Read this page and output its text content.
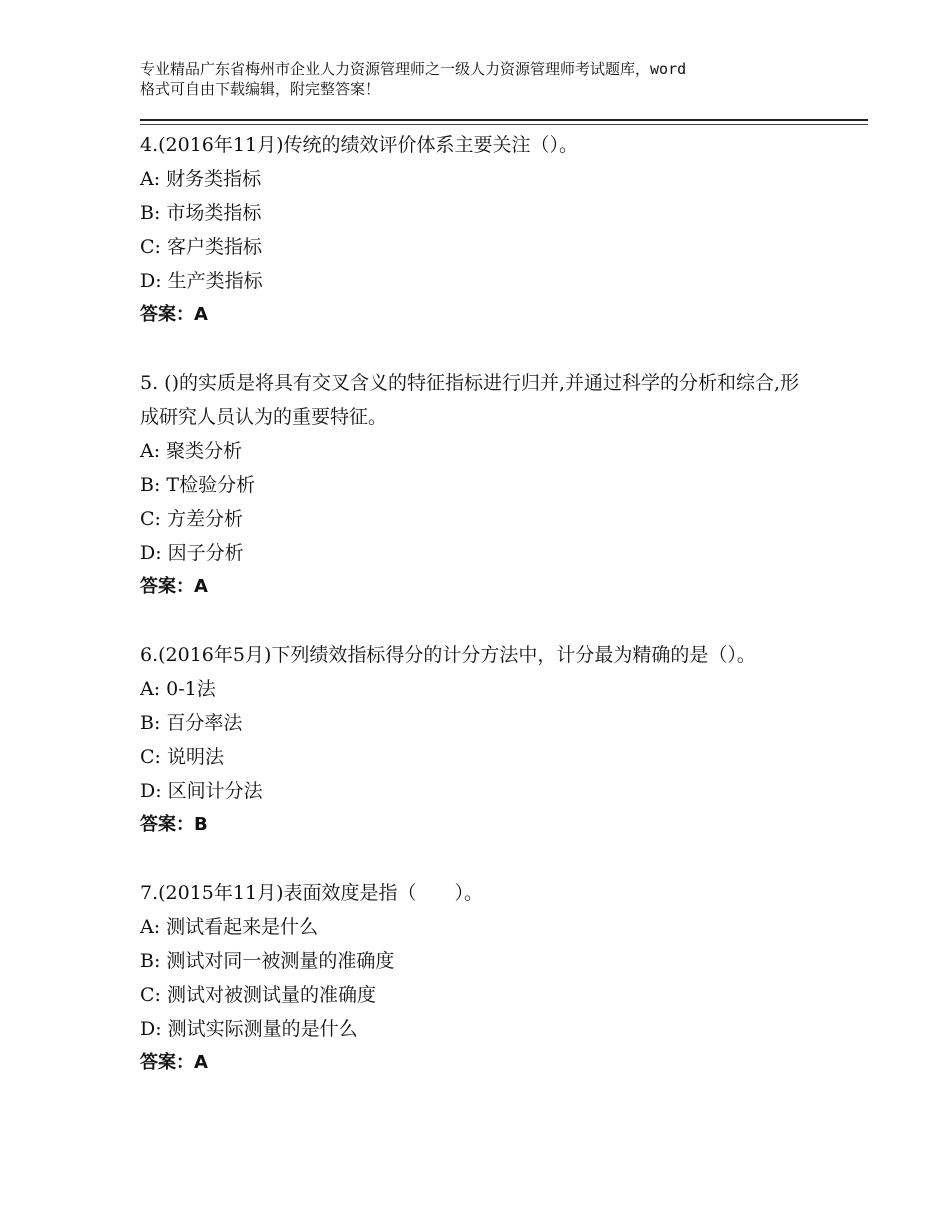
专业精品广东省梅州市企业人力资源管理师之一级人力资源管理师考试题库，word
格式可自由下载编辑，附完整答案！

4.(2016年11月)传统的绩效评价体系主要关注（）。

A: 财务类指标

B: 市场类指标

C: 客户类指标

D: 生产类指标

答案：A

5. ()的实质是将具有交叉含义的特征指标进行归并,并通过科学的分析和综合,形成研究人员认为的重要特征。

A: 聚类分析

B: T检验分析

C: 方差分析

D: 因子分析

答案：A

6.(2016年5月)下列绩效指标得分的计分方法中，计分最为精确的是（）。

A: 0-1法

B: 百分率法

C: 说明法

D: 区间计分法

答案：B

7.(2015年11月)表面效度是指（　　）。

A: 测试看起来是什么

B: 测试对同一被测量的准确度

C: 测试对被测试量的准确度

D: 测试实际测量的是什么

答案：A
